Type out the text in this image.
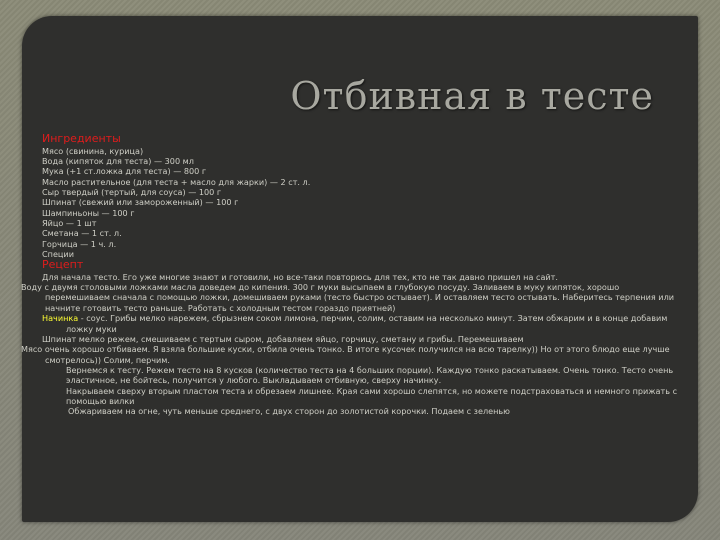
Отбивная в тесте
Ингредиенты
Мясо (свинина, курица)
Вода (кипяток для теста) — 300 мл
Мука (+1 ст.ложка для теста) — 800 г
Масло растительное (для теста + масло для жарки) — 2 ст. л.
Сыр твердый (тертый, для соуса) — 100 г
Шпинат (свежий или замороженный) — 100 г
Шампиньоны — 100 г
Яйцо — 1 шт
Сметана — 1 ст. л.
Горчица — 1 ч. л.
Специи
Рецепт
Для начала тесто. Его уже многие знают и готовили, но все-таки повторюсь для тех, кто не так давно пришел на сайт.
Воду с двумя столовыми ложками масла доведем до кипения. 300 г муки высыпаем в глубокую посуду. Заливаем в муку кипяток, хорошо перемешиваем сначала с помощью ложки, домешиваем руками (тесто быстро остывает). И оставляем тесто остывать. Наберитесь терпения или начните готовить тесто раньше. Работать с холодным тестом гораздо приятней)
Начинка - соус. Грибы мелко нарежем, сбрызнем соком лимона, перчим, солим, оставим на несколько минут. Затем обжарим и в конце добавим ложку муки
Шпинат мелко режем, смешиваем с тертым сыром, добавляем яйцо, горчицу, сметану и грибы. Перемешиваем
Мясо очень хорошо отбиваем. Я взяла большие куски, отбила очень тонко. В итоге кусочек получился на всю тарелку)) Но от этого блюдо еще лучше смотрелось)) Солим, перчим.
Вернемся к тесту. Режем тесто на 8 кусков (количество теста на 4 больших порции). Каждую тонко раскатываем. Очень тонко. Тесто очень эластичное, не бойтесь, получится у любого. Выкладываем отбивную, сверху начинку.
Накрываем сверху вторым пластом теста и обрезаем лишнее. Края сами хорошо слепятся, но можете подстраховаться и немного прижать с помощью вилки
Обжариваем на огне, чуть меньше среднего, с двух сторон до золотистой корочки. Подаем с зеленью
